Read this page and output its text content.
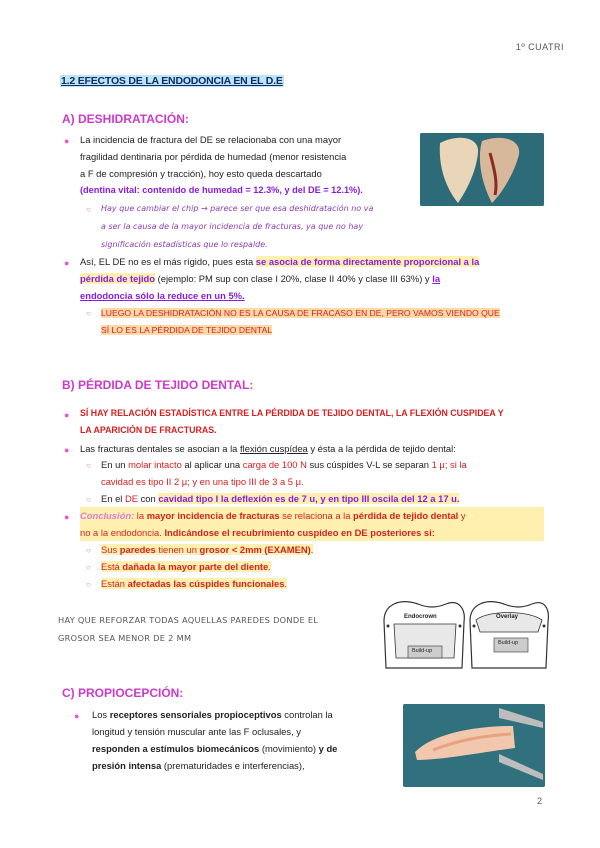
1º CUATRI
1.2 EFECTOS DE LA ENDODONCIA EN EL D.E
A) DESHIDRATACIÓN:
● La incidencia de fractura del DE se relacionaba con una mayor
fragilidad dentinaria por pérdida de humedad (menor resistencia
a F de compresión y tracción), hoy esto queda descartado
(dentina vital: contenido de humedad = 12.3%, y del DE = 12.1%).
○ Hay que cambiar el chip → parece ser que esa deshidratación no va
a ser la causa de la mayor incidencia de fracturas, ya que no hay
significación estadísticas que lo respalde.
● Así, EL DE no es el más rígido, pues esta se asocia de forma directamente proporcional a la
pérdida de tejido (ejemplo: PM sup con clase I 20%, clase II 40% y clase III 63%) y la
endodoncia sólo la reduce en un 5%.
○ LUEGO LA DESHIDRATACIÓN NO ES LA CAUSA DE FRACASO EN DE, PERO VAMOS VIENDO QUE
SÍ LO ES LA PÉRDIDA DE TEJIDO DENTAL
B) PÉRDIDA DE TEJIDO DENTAL:
● SÍ HAY RELACIÓN ESTADÍSTICA ENTRE LA PÉRDIDA DE TEJIDO DENTAL, LA FLEXIÓN CUSPIDEA Y
LA APARICIÓN DE FRACTURAS.
● Las fracturas dentales se asocian a la flexión cuspídea y ésta a la pérdida de tejido dental:
○ En un molar intacto al aplicar una carga de 100 N sus cúspides V-L se separan 1 μ; si la
cavidad es tipo II 2 μ; y en una tipo III de 3 a 5 μ.
○ En el DE con cavidad tipo I la deflexión es de 7 u, y en tipo III oscila del 12 a 17 u.
● Conclusión: la mayor incidencia de fracturas se relaciona a la pérdida de tejido dental y
no a la endodoncia. Indicándose el recubrimiento cuspídeo en DE posteriores si:
○ Sus paredes tienen un grosor < 2mm (EXAMEN).
○ Está dañada la mayor parte del diente.
○ Están afectadas las cúspides funcionales.
HAY QUE REFORZAR TODAS AQUELLAS PAREDES DONDE EL
GROSOR SEA MENOR DE 2 MM
Endocrown	Overlay
Build-up
Build-up
C) PROPIOCEPCIÓN:
● Los receptores sensoriales propioceptivos controlan la
longitud y tensión muscular ante las F oclusales, y
responden a estímulos biomecánicos (movimiento) y de
presión intensa (prematuridades e interferencias),
2
